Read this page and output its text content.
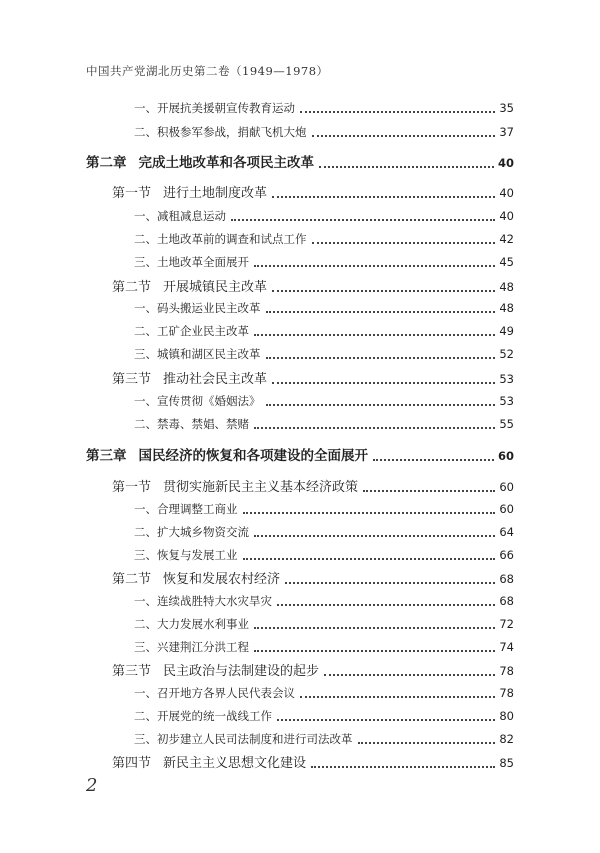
中国共产党湖北历史第二卷（1949—1978）
一、开展抗美援朝宣传教育运动	35
二、积极参军参战，捐献飞机大炮	37
第二章 完成土地改革和各项民主改革	40
第一节 进行土地制度改革	40
一、减租减息运动	40
二、土地改革前的调查和试点工作	42
三、土地改革全面展开	45
第二节 开展城镇民主改革	48
一、码头搬运业民主改革	48
二、工矿企业民主改革	49
三、城镇和湖区民主改革	52
第三节 推动社会民主改革	53
一、宣传贯彻《婚姻法》	53
二、禁毒、禁娼、禁赌	55
第三章 国民经济的恢复和各项建设的全面展开	60
第一节 贯彻实施新民主主义基本经济政策	60
一、合理调整工商业	60
二、扩大城乡物资交流	64
三、恢复与发展工业	66
第二节 恢复和发展农村经济	68
一、连续战胜特大水灾旱灾	68
二、大力发展水利事业	72
三、兴建荆江分洪工程	74
第三节 民主政治与法制建设的起步	78
一、召开地方各界人民代表会议	78
二、开展党的统一战线工作	80
三、初步建立人民司法制度和进行司法改革	82
第四节 新民主主义思想文化建设	85
2
